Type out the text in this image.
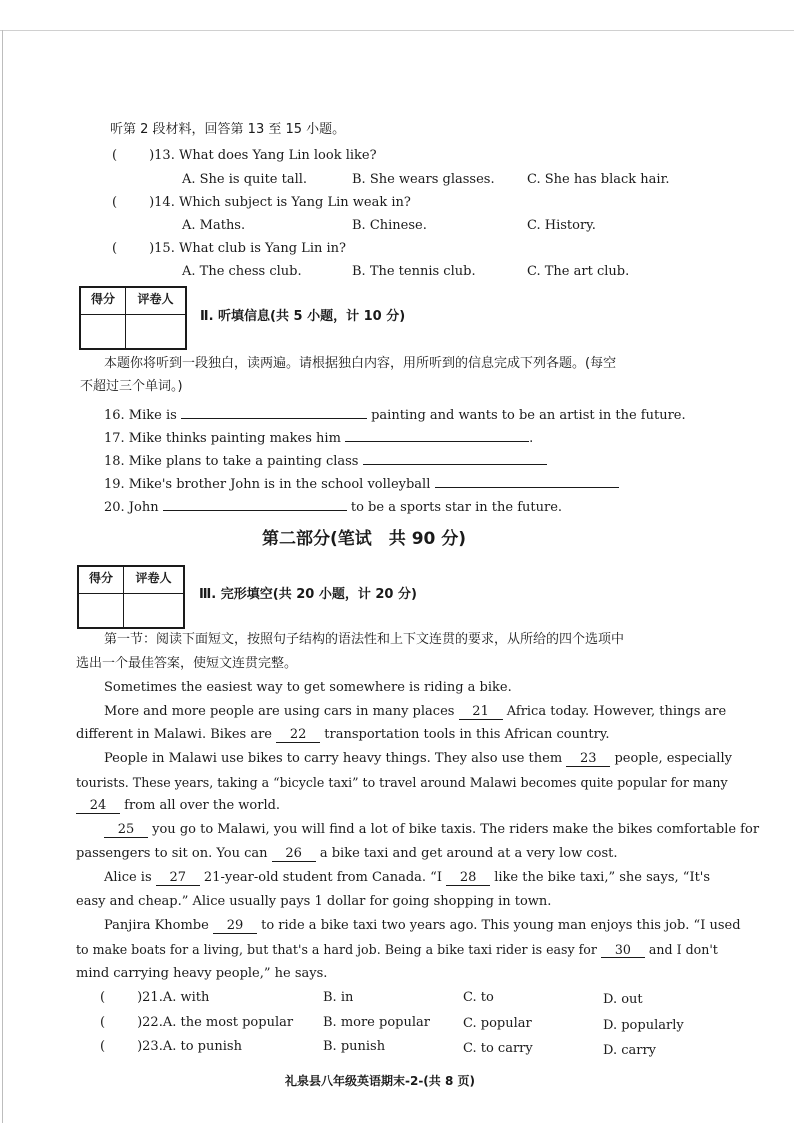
听第 2 段材料，回答第 13 至 15 小题。
( )13. What does Yang Lin look like?
A. She is quite tall.	B. She wears glasses. C. She has black hair.
( )14. Which subject is Yang Lin weak in?
A. Maths.	B. Chinese.	C. History.
( )15. What club is Yang Lin in?
A. The chess club.	B. The tennis club.	C. The art club.
得分	评卷人
Ⅱ. 听填信息(共 5 小题，计 10 分)
本题你将听到一段独白，读两遍。请根据独白内容，用所听到的信息完成下列各题。(每空
不超过三个单词。)
16. Mike is	painting and wants to be an artist in the future.
17. Mike thinks painting makes him	.
18. Mike plans to take a painting class
19. Mike's brother John is in the school volleyball
20. John	to be a sports star in the future.
第二部分(笔试　共 90 分)
得分	评卷人
Ⅲ. 完形填空(共 20 小题，计 20 分)
第一节：阅读下面短文，按照句子结构的语法性和上下文连贯的要求，从所给的四个选项中
选出一个最佳答案，使短文连贯完整。
Sometimes the easiest way to get somewhere is riding a bike.
More and more people are using cars in many places 21 Africa today. However, things are
different in Malawi. Bikes are 22 transportation tools in this African country.
People in Malawi use bikes to carry heavy things. They also use them 23 people, especially
tourists. These years, taking a “bicycle taxi” to travel around Malawi becomes quite popular for many
24 from all over the world.
25 you go to Malawi, you will find a lot of bike taxis. The riders make the bikes comfortable for
passengers to sit on. You can 26 a bike taxi and get around at a very low cost.
Alice is 27 21-year-old student from Canada. “I 28 like the bike taxi,” she says, “It's
easy and cheap.” Alice usually pays 1 dollar for going shopping in town.
Panjira Khombe 29 to ride a bike taxi two years ago. This young man enjoys this job. “I used
to make boats for a living, but that's a hard job. Being a bike taxi rider is easy for 30 and I don't
mind carrying heavy people,” he says.
( )21.A. with	B. in	C. to	D. out
( )22.A. the most popular B. more popular	C. popular	D. popularly
( )23.A. to punish	B. punish	C. to carry	D. carry
礼泉县八年级英语期末-2-(共 8 页)
